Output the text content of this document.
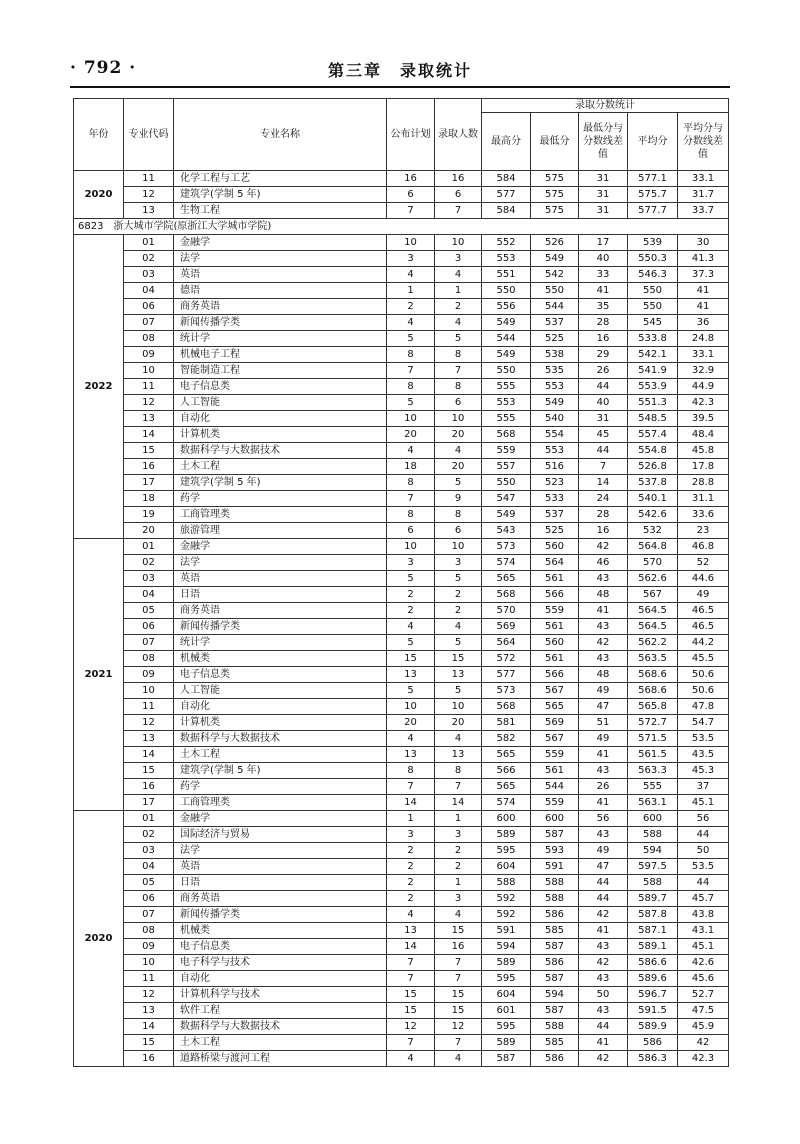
· 792 ·	第三章　录取统计
年份	专业代码	专业名称	公布计划	录取人数	录取分数统计				
					最高分	最低分	最低分与分数线差值	平均分	平均分与分数线差值
2020	11	化学工程与工艺	16	16	584	575	31	577.1	33.1
	12	建筑学(学制 5 年)	6	6	577	575	31	575.7	31.7
	13	生物工程	7	7	584	575	31	577.7	33.7
6823　浙大城市学院(原浙江大学城市学院)									
2022	01	金融学	10	10	552	526	17	539	30
	02	法学	3	3	553	549	40	550.3	41.3
	03	英语	4	4	551	542	33	546.3	37.3
	04	德语	1	1	550	550	41	550	41
	06	商务英语	2	2	556	544	35	550	41
	07	新闻传播学类	4	4	549	537	28	545	36
	08	统计学	5	5	544	525	16	533.8	24.8
	09	机械电子工程	8	8	549	538	29	542.1	33.1
	10	智能制造工程	7	7	550	535	26	541.9	32.9
	11	电子信息类	8	8	555	553	44	553.9	44.9
	12	人工智能	5	6	553	549	40	551.3	42.3
	13	自动化	10	10	555	540	31	548.5	39.5
	14	计算机类	20	20	568	554	45	557.4	48.4
	15	数据科学与大数据技术	4	4	559	553	44	554.8	45.8
	16	土木工程	18	20	557	516	7	526.8	17.8
	17	建筑学(学制 5 年)	8	5	550	523	14	537.8	28.8
	18	药学	7	9	547	533	24	540.1	31.1
	19	工商管理类	8	8	549	537	28	542.6	33.6
	20	旅游管理	6	6	543	525	16	532	23
2021	01	金融学	10	10	573	560	42	564.8	46.8
	02	法学	3	3	574	564	46	570	52
	03	英语	5	5	565	561	43	562.6	44.6
	04	日语	2	2	568	566	48	567	49
	05	商务英语	2	2	570	559	41	564.5	46.5
	06	新闻传播学类	4	4	569	561	43	564.5	46.5
	07	统计学	5	5	564	560	42	562.2	44.2
	08	机械类	15	15	572	561	43	563.5	45.5
	09	电子信息类	13	13	577	566	48	568.6	50.6
	10	人工智能	5	5	573	567	49	568.6	50.6
	11	自动化	10	10	568	565	47	565.8	47.8
	12	计算机类	20	20	581	569	51	572.7	54.7
	13	数据科学与大数据技术	4	4	582	567	49	571.5	53.5
	14	土木工程	13	13	565	559	41	561.5	43.5
	15	建筑学(学制 5 年)	8	8	566	561	43	563.3	45.3
	16	药学	7	7	565	544	26	555	37
	17	工商管理类	14	14	574	559	41	563.1	45.1
2020	01	金融学	1	1	600	600	56	600	56
	02	国际经济与贸易	3	3	589	587	43	588	44
	03	法学	2	2	595	593	49	594	50
	04	英语	2	2	604	591	47	597.5	53.5
	05	日语	2	1	588	588	44	588	44
	06	商务英语	2	3	592	588	44	589.7	45.7
	07	新闻传播学类	4	4	592	586	42	587.8	43.8
	08	机械类	13	15	591	585	41	587.1	43.1
	09	电子信息类	14	16	594	587	43	589.1	45.1
	10	电子科学与技术	7	7	589	586	42	586.6	42.6
	11	自动化	7	7	595	587	43	589.6	45.6
	12	计算机科学与技术	15	15	604	594	50	596.7	52.7
	13	软件工程	15	15	601	587	43	591.5	47.5
	14	数据科学与大数据技术	12	12	595	588	44	589.9	45.9
	15	土木工程	7	7	589	585	41	586	42
	16	道路桥梁与渡河工程	4	4	587	586	42	586.3	42.3
